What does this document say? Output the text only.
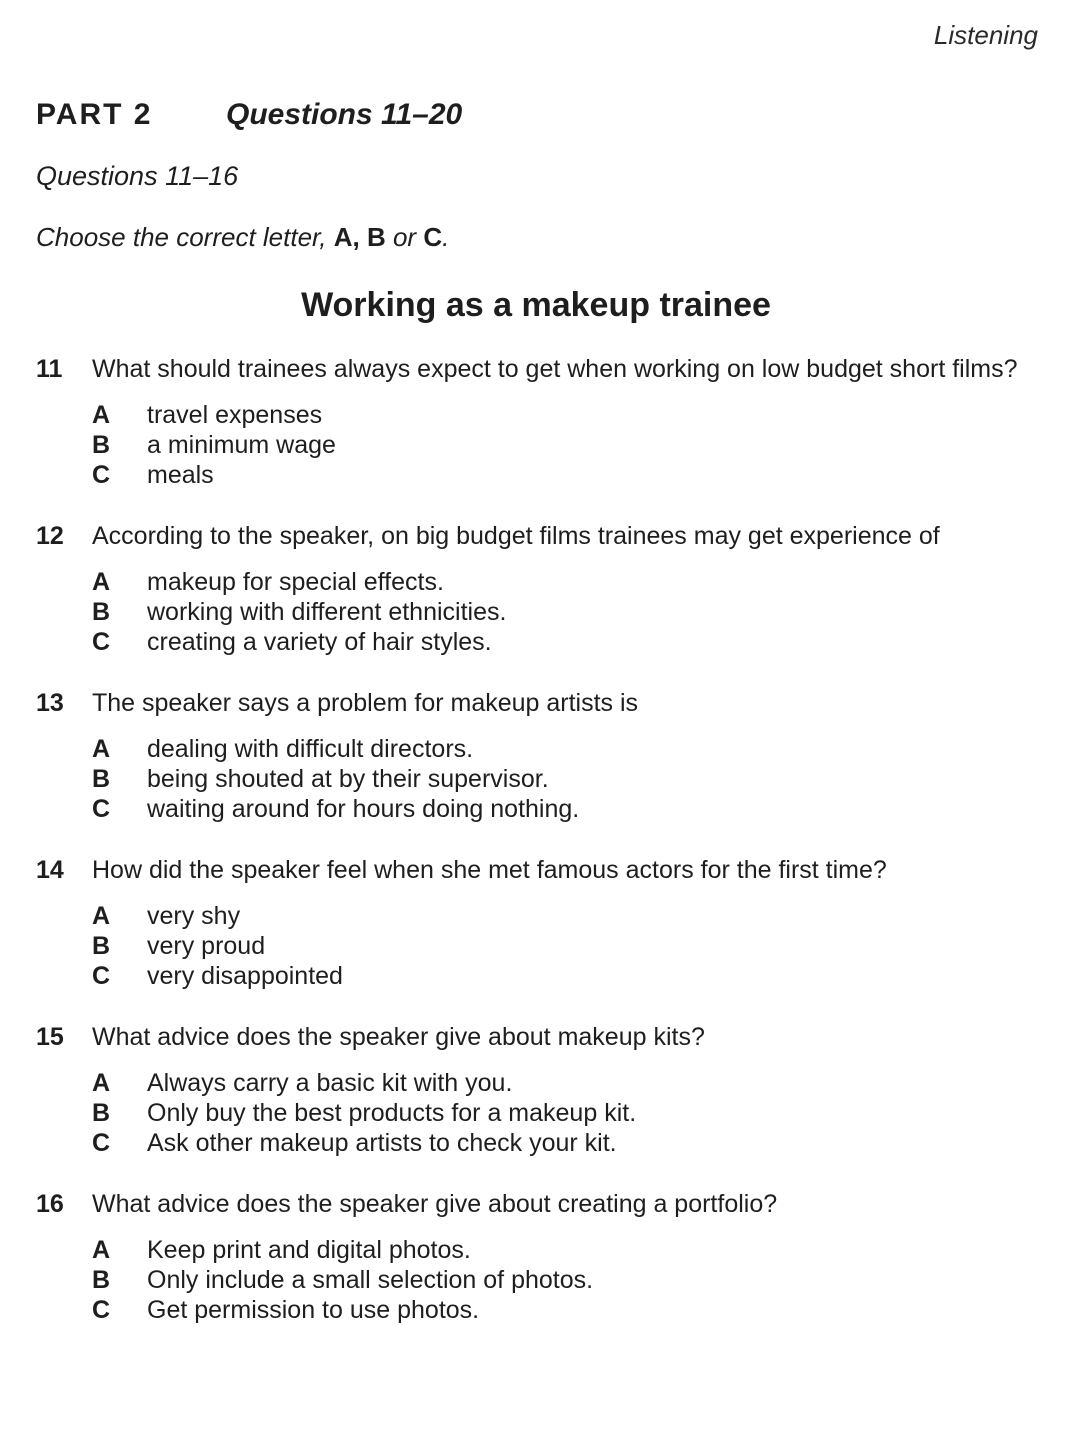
Listening
PART 2	Questions 11–20
Questions 11–16
Choose the correct letter, A, B or C.
Working as a makeup trainee
11	What should trainees always expect to get when working on low budget short films?
A	travel expenses
B	a minimum wage
C	meals
12	According to the speaker, on big budget films trainees may get experience of
A	makeup for special effects.
B	working with different ethnicities.
C	creating a variety of hair styles.
13	The speaker says a problem for makeup artists is
A	dealing with difficult directors.
B	being shouted at by their supervisor.
C	waiting around for hours doing nothing.
14	How did the speaker feel when she met famous actors for the first time?
A	very shy
B	very proud
C	very disappointed
15	What advice does the speaker give about makeup kits?
A	Always carry a basic kit with you.
B	Only buy the best products for a makeup kit.
C	Ask other makeup artists to check your kit.
16	What advice does the speaker give about creating a portfolio?
A	Keep print and digital photos.
B	Only include a small selection of photos.
C	Get permission to use photos.
